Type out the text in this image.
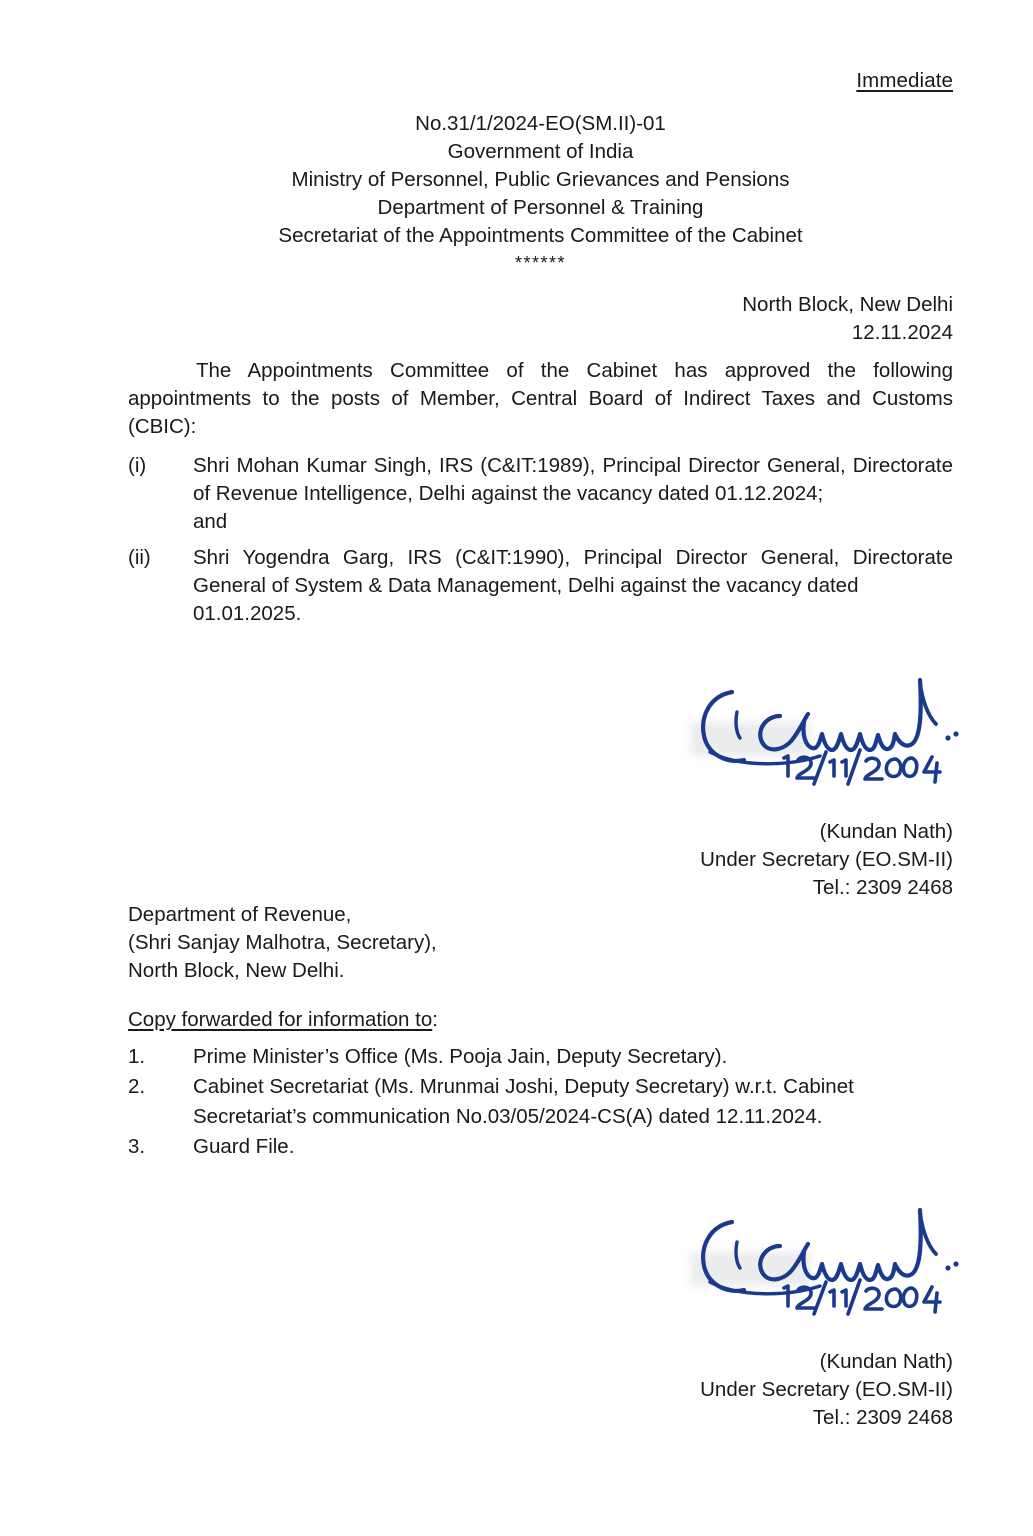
Immediate
No.31/1/2024-EO(SM.II)-01
Government of India
Ministry of Personnel, Public Grievances and Pensions
Department of Personnel & Training
Secretariat of the Appointments Committee of the Cabinet
******
North Block, New Delhi
12.11.2024
The Appointments Committee of the Cabinet has approved the following appointments to the posts of Member, Central Board of Indirect Taxes and Customs (CBIC):
(i)	Shri Mohan Kumar Singh, IRS (C&IT:1989), Principal Director General, Directorate of Revenue Intelligence, Delhi against the vacancy dated 01.12.2024;
and
(ii)	Shri Yogendra Garg, IRS (C&IT:1990), Principal Director General, Directorate General of System & Data Management, Delhi against the vacancy dated
01.01.2025.
(Kundan Nath)
Under Secretary (EO.SM-II)
Tel.: 2309 2468
Department of Revenue,
(Shri Sanjay Malhotra, Secretary),
North Block, New Delhi.
Copy forwarded for information to:
1.	Prime Minister’s Office (Ms. Pooja Jain, Deputy Secretary).
2.	Cabinet Secretariat (Ms. Mrunmai Joshi, Deputy Secretary) w.r.t. Cabinet
Secretariat’s communication No.03/05/2024-CS(A) dated 12.11.2024.
3.	Guard File.
(Kundan Nath)
Under Secretary (EO.SM-II)
Tel.: 2309 2468
